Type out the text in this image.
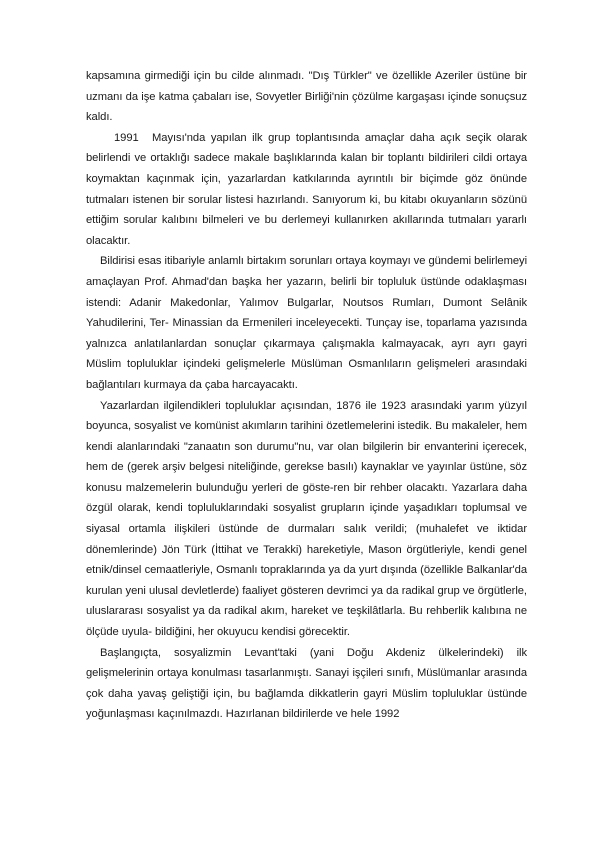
kapsamına girmediği için bu cilde alınmadı. "Dış Türkler" ve özellikle Azeriler üstüne bir uzmanı da işe katma çabaları ise, Sovyetler Birliği'nin çözülme kargaşası içinde sonuçsuz kaldı.

1991 Mayısı'nda yapılan ilk grup toplantısında amaçlar daha açık seçik olarak belirlendi ve ortaklığı sadece makale başlıklarında kalan bir toplantı bildirileri cildi ortaya koymaktan kaçınmak için, yazarlardan katkılarında ayrıntılı bir biçimde göz önünde tutmaları istenen bir sorular listesi hazırlandı. Sanıyorum ki, bu kitabı okuyanların sözünü ettiğim sorular kalıbını bilmeleri ve bu derlemeyi kullanırken akıllarında tutmaları yararlı olacaktır.

Bildirisi esas itibariyle anlamlı birtakım sorunları ortaya koymayı ve gündemi belirlemeyi amaçlayan Prof. Ahmad'dan başka her yazarın, belirli bir topluluk üstünde odaklaşması istendi: Adanir Makedonlar, Yalımov Bulgarlar, Noutsos Rumları, Dumont Selânik Yahudilerini, Ter- Minassian da Ermenileri inceleyecekti. Tunçay ise, toparlama yazısında yalnızca anlatılanlardan sonuçlar çıkarmaya çalışmakla kalmayacak, ayrı ayrı gayri Müslim topluluklar içindeki gelişmelerle Müslüman Osmanlıların gelişmeleri arasındaki bağlantıları kurmaya da çaba harcayacaktı.

Yazarlardan ilgilendikleri topluluklar açısından, 1876 ile 1923 arasındaki yarım yüzyıl boyunca, sosyalist ve komünist akımların tarihini özetlemelerini istedik. Bu makaleler, hem kendi alanlarındaki "zanaatın son durumu"nu, var olan bilgilerin bir envanterini içerecek, hem de (gerek arşiv belgesi niteliğinde, gerekse basılı) kaynaklar ve yayınlar üstüne, söz konusu malzemelerin bulunduğu yerleri de göste-ren bir rehber olacaktı. Yazarlara daha özgül olarak, kendi topluluklarındaki sosyalist grupların içinde yaşadıkları toplumsal ve siyasal ortamla ilişkileri üstünde de durmaları salık verildi; (muhalefet ve iktidar dönemlerinde) Jön Türk (İttihat ve Terakki) hareketiyle, Mason örgütleriyle, kendi genel etnik/dinsel cemaatleriyle, Osmanlı topraklarında ya da yurt dışında (özellikle Balkanlar'da kurulan yeni ulusal devletlerde) faaliyet gösteren devrimci ya da radikal grup ve örgütlerle, uluslararası sosyalist ya da radikal akım, hareket ve teşkilâtlarla. Bu rehberlik kalıbına ne ölçüde uyula- bildiğini, her okuyucu kendisi görecektir.

Başlangıçta, sosyalizmin Levant'taki (yani Doğu Akdeniz ülkelerindeki) ilk gelişmelerinin ortaya konulması tasarlanmıştı. Sanayi işçileri sınıfı, Müslümanlar arasında çok daha yavaş geliştiği için, bu bağlamda dikkatlerin gayri Müslim topluluklar üstünde yoğunlaşması kaçınılmazdı. Hazırlanan bildirilerde ve hele 1992
